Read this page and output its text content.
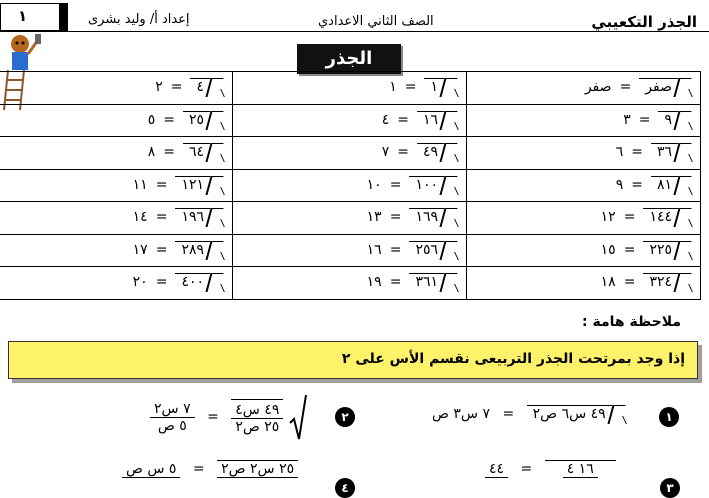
١	إعداد أ/ وليد بشرى	الصف الثاني الاعدادي	الجذر التكعيبي
الجذر التربيعى
٤=٢	١=١	صفر=صفر

٢٥=٥	١٦=٤	٩=٣

٦٤=٨	٤٩=٧	٣٦=٦

١٢١=١١	١٠٠=١٠	٨١=٩

١٩٦=١٤	١٦٩=١٣	١٤٤=١٢

٢٨٩=١٧	٢٥٦=١٦	٢٢٥=١٥

٤٠٠=٢٠	٣٦١=١٩	٣٢٤=١٨
ملاحظة هامة :
إذا وجد بمرتحت الجذر التربيعى نقسم الأس على ٢
١
٤٩ س٦ ص٢ = ٧ س٣ ص
٢
$\frac{\text{٧ س٢}}{\text{٥ ص}} = \frac{\text{٤٩ س٤}}{\text{٢٥ ص٢}}$

٣
١٦ ٤
=
٤٤
٤
٢٥ س٢ ص٢
=
٥ س ص
